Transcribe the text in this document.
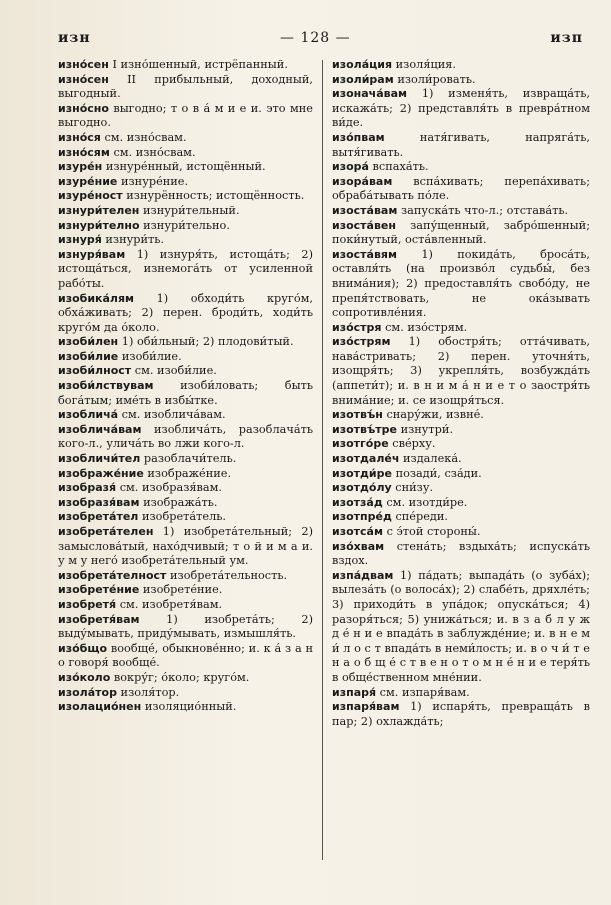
изн	— 128 —	изп

изно́сен I изно́шенный, истрёпанный.

изно́сен II прибыльный, доходный, выгодный.

изно́сно выгодно; т о в а́ м и е и. это мне выгодно.

изно́ся см. изно́свам.

изно́сям см. изно́свам.

изуре́н изнуре́нный, истощённый.

изуре́ние изнуре́ние.

изуре́ност изнурённость; истощённость.

изнури́телен изнури́тельный.

изнури́телно изнури́тельно.

изнуря́ изнури́ть.

изнуря́вам 1) изнуря́ть, истоща́ть; 2) истоща́ться, изнемога́ть от усиленной рабо́ты.

изобика́лям 1) обходи́ть круго́м, обха́живать; 2) перен. броди́ть, ходи́ть круго́м да о́коло.

изоби́лен 1) оби́льный; 2) плодови́тый.

изоби́лие изоби́лие.

изоби́лност см. изоби́лие.

изоби́лствувам изоби́ловать; быть бога́тым; име́ть в избы́тке.

изоблича́ см. изоблича́вам.

изоблича́вам изоблича́ть, разоблача́ть кого-л., улича́ть во лжи кого-л.

изобличи́тел разоблачи́тель.

изображе́ние изображе́ние.

изобразя́ см. изобразя́вам.

изобразя́вам изобража́ть.

изобрета́тел изобрета́тель.

изобрета́телен 1) изобрета́тельный; 2) замыслова́тый, нахо́дчивый; т о й и м а и. у м у него́ изобрета́тельный ум.

изобрета́телност изобрета́тельность.

изобрете́ние изобрете́ние.

изобретя́ см. изобретя́вам.

изобретя́вам 1) изобрета́ть; 2) выду́мывать, приду́мывать, измышля́ть.

изо́бщо вообще́, обыкнове́нно; и. к а́ з а н о говоря́ вообще́.

изо́коло вокру́г; о́коло; круго́м.

изола́тор изоля́тор.

изолацио́нен изоляцио́нный.

изола́ция изоля́ция.

изоли́рам изоли́ровать.

изонача́вам 1) изменя́ть, извраща́ть, искажа́ть; 2) представля́ть в превра́тном ви́де.

изо́пвам	натя́гивать, напряга́ть, вытя́гивать.

изора́ вспаха́ть.

изора́вам вспа́хивать; перепа́хивать; обраба́тывать по́ле.

изоста́вам запуска́ть что-л.; отстава́ть.

изоста́вен запу́щенный, забро́шенный; поки́нутый, оста́вленный.

изоста́вям 1) покида́ть, броса́ть, оставля́ть (на произво́л судьбы́, без внима́ния); 2) предоставля́ть свобо́ду, не препя́тствовать, не ока́зывать сопротивле́ния.

изо́стря см. изо́стрям.

изо́стрям 1) обостря́ть; отта́чивать, нава́стривать; 2) перен. уточня́ть, изощря́ть; 3) укрепля́ть, возбужда́ть (аппети́т); и. в н и м а́ н и е т о заостря́ть внима́ние; и. се изощря́ться.

изотвъ́н снару́жи, извне́.

изотвъ́тре изнутри́.

изотго́ре све́рху.

изотдале́ч издалека́.

изотди́ре позади́, сза́ди.

изотдо́лу сни́зу.

изотза́д см. изотди́ре.

изотпре́д спе́реди.

изотса́м с э́той стороны́.

изо́хвам стена́ть; вздыха́ть; испуска́ть вздох.

изпа́двам 1) па́дать; выпада́ть (о зуба́х); вылеза́ть (о волоса́х); 2) слабе́ть, дряхле́ть; 3) приходи́ть в упа́док; опуска́ться; 4) разоря́ться; 5) унижа́ться; и. в з а б л у ж д е́ н и е впада́ть в заблужде́ние; и. в н е м и́ л о с т впада́ть в неми́лость; и. в о ч и́ т е н а о б щ е́ с т в е н о т о м н е́ н и е теря́ть в обще́ственном мне́нии.

изпаря́ см. изпаря́вам.

изпаря́вам 1) испаря́ть, превраща́ть в пар; 2) охлажда́ть;
